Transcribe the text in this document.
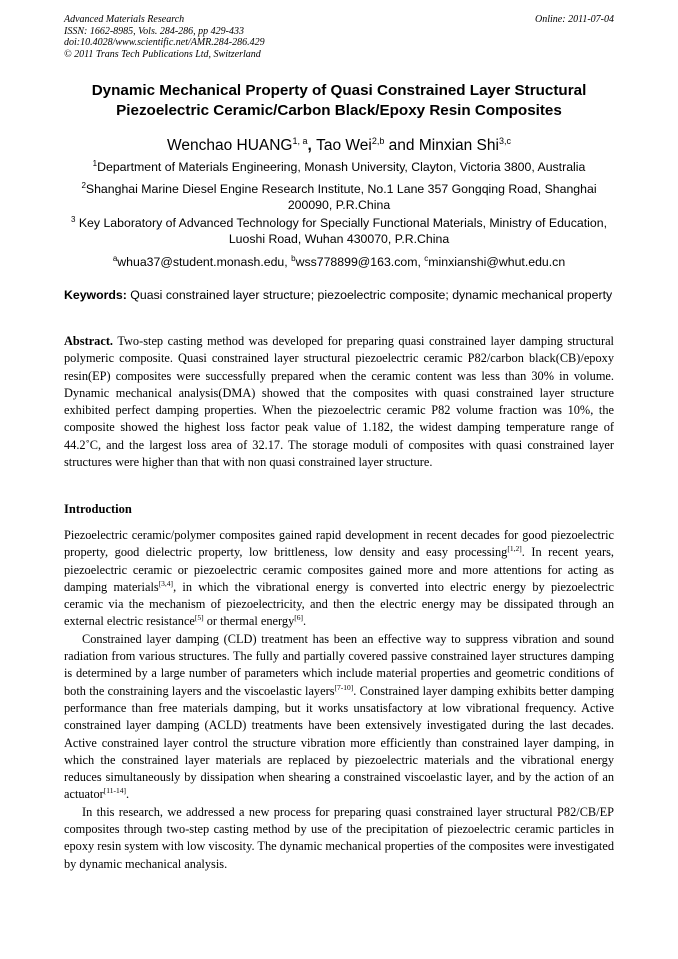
Advanced Materials Research
ISSN: 1662-8985, Vols. 284-286, pp 429-433
doi:10.4028/www.scientific.net/AMR.284-286.429
© 2011 Trans Tech Publications Ltd, Switzerland
Online: 2011-07-04
Dynamic Mechanical Property of Quasi Constrained Layer Structural
Piezoelectric Ceramic/Carbon Black/Epoxy Resin Composites
Wenchao HUANG$^{1, a}$, Tao Wei$^{2,b}$ and Minxian Shi$^{3,c}$
$^1$Department of Materials Engineering, Monash University, Clayton, Victoria 3800, Australia
$^2$Shanghai Marine Diesel Engine Research Institute, No.1 Lane 357 Gongqing Road, Shanghai 200090, P.R.China
$^3$ Key Laboratory of Advanced Technology for Specially Functional Materials, Ministry of Education, Luoshi Road, Wuhan 430070, P.R.China
$^a$whua37@student.monash.edu, $^b$wss778899@163.com, $^c$minxianshi@whut.edu.cn
Keywords: Quasi constrained layer structure; piezoelectric composite; dynamic mechanical property
Abstract. Two-step casting method was developed for preparing quasi constrained layer damping structural polymeric composite. Quasi constrained layer structural piezoelectric ceramic P82/carbon black(CB)/epoxy resin(EP) composites were successfully prepared when the ceramic content was less than 30% in volume. Dynamic mechanical analysis(DMA) showed that the composites with quasi constrained layer structure exhibited perfect damping properties. When the piezoelectric ceramic P82 volume fraction was 10%, the composite showed the highest loss factor peak value of 1.182, the widest damping temperature range of 44.2˚C, and the largest loss area of 32.17. The storage moduli of composites with quasi constrained layer structures were higher than that with non quasi constrained layer structure.
Introduction

Piezoelectric ceramic/polymer composites gained rapid development in recent decades for good piezoelectric property, good dielectric property, low brittleness, low density and easy processing[1,2]. In recent years, piezoelectric ceramic or piezoelectric ceramic composites gained more and more attentions for acting as damping materials[3,4], in which the vibrational energy is converted into electric energy by piezoelectric ceramic via the mechanism of piezoelectricity, and then the electric energy may be dissipated through an external electric resistance[5] or thermal energy[6].

Constrained layer damping (CLD) treatment has been an effective way to suppress vibration and sound radiation from various structures. The fully and partially covered passive constrained layer structures damping is determined by a large number of parameters which include material properties and geometric conditions of both the constraining layers and the viscoelastic layers[7-10]. Constrained layer damping exhibits better damping performance than free materials damping, but it works unsatisfactory at low vibrational frequency. Active constrained layer damping (ACLD) treatments have been extensively investigated during the last decades. Active constrained layer control the structure vibration more efficiently than constrained layer damping, in which the constrained layer materials are replaced by piezoelectric materials and the vibrational energy reduces simultaneously by dissipation when shearing a constrained viscoelastic layer, and by the action of an actuator[11-14].

In this research, we addressed a new process for preparing quasi constrained layer structural P82/CB/EP composites through two-step casting method by use of the precipitation of piezoelectric ceramic particles in epoxy resin system with low viscosity. The dynamic mechanical properties of the composites were investigated by dynamic mechanical analysis.
